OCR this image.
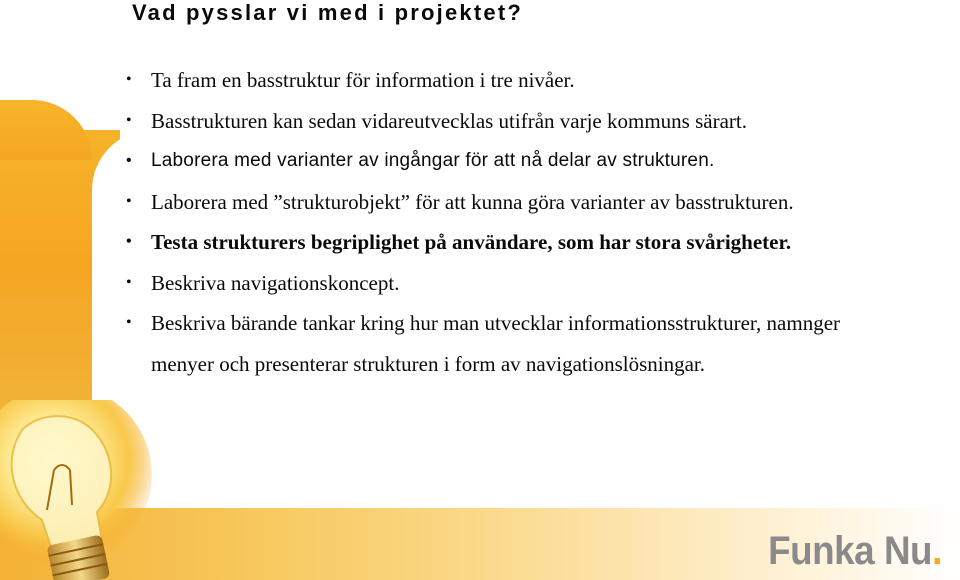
Vad pysslar vi med i projektet?
• Ta fram en basstruktur för information i tre nivåer.
• Basstrukturen kan sedan vidareutvecklas utifrån varje kommuns särart.
•	Laborera med varianter av ingångar för att nå delar av strukturen.
• Laborera med ”strukturobjekt” för att kunna göra varianter av basstrukturen.
• Testa strukturers begriplighet på användare, som har stora svårigheter.
• Beskriva navigationskoncept.
• Beskriva bärande tankar kring hur man utvecklar informationsstrukturer, namnger menyer och presenterar strukturen i form av navigationslösningar.
Funka Nu.
